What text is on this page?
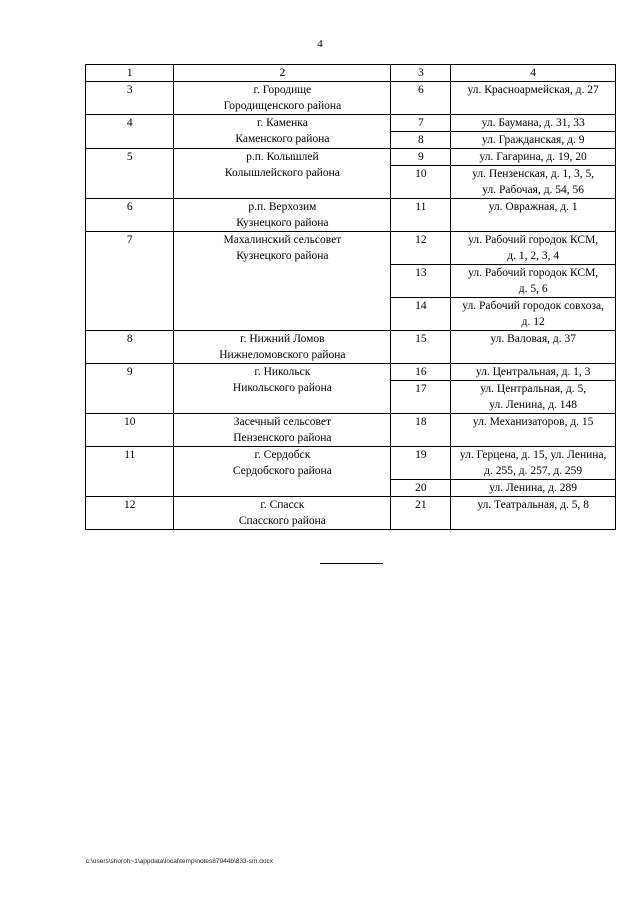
4
1	2	3	4
3	г. Городище
Городищенского района	6	ул. Красноармейская, д. 27

4	г. Каменка
Каменского района	7	ул. Баумана, д. 31, 33

		8	ул. Гражданская, д. 9

5	р.п. Колышлей
Колышлейского района	9	ул. Гагарина, д. 19, 20

		10	ул. Пензенская, д. 1, 3, 5,
ул. Рабочая, д. 54, 56

6	р.п. Верхозим
Кузнецкого района	11	ул. Овражная, д. 1

7	Махалинский сельсовет
Кузнецкого района	12	ул. Рабочий городок КСМ,
д. 1, 2, 3, 4

		13	ул. Рабочий городок КСМ,
д. 5, 6

		14	ул. Рабочий городок совхоза,
д. 12

8	г. Нижний Ломов
Нижнеломовского района	15	ул. Валовая, д. 37

9	г. Никольск
Никольского района	16	ул. Центральная, д. 1, 3

		17	ул. Центральная, д. 5,
ул. Ленина, д. 148

10	Засечный сельсовет
Пензенского района	18	ул. Механизаторов, д. 15

11	г. Сердобск
Сердобского района	19	ул. Герцена, д. 15, ул. Ленина,
д. 255, д. 257, д. 259

		20	ул. Ленина, д. 289

12	г. Спасск
Спасского района	21	ул. Театральная, д. 5, 8
c:\users\shoroh~1\appdata\local\temp\notes87944b\833-sm.docx
